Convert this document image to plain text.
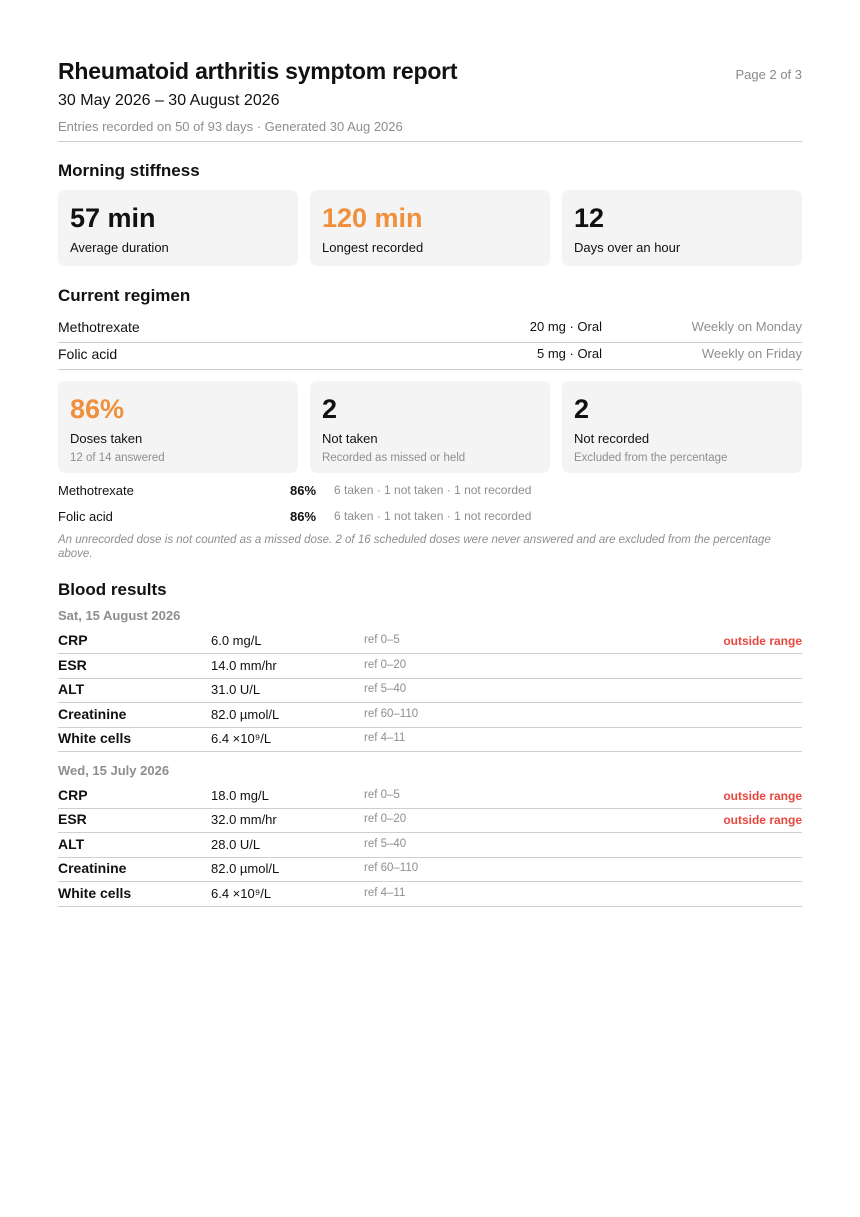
Rheumatoid arthritis symptom report	Page 2 of 3
30 May 2026 – 30 August 2026
Entries recorded on 50 of 93 days · Generated 30 Aug 2026
Morning stiffness
57 min
Average duration
120 min
Longest recorded
12
Days over an hour
Current regimen
Methotrexate	20 mg · Oral	Weekly on Monday
Folic acid	5 mg · Oral	Weekly on Friday
86%
Doses taken
12 of 14 answered
2
Not taken
Recorded as missed or held
2
Not recorded
Excluded from the percentage
Methotrexate	86% 6 taken · 1 not taken · 1 not recorded
Folic acid	86% 6 taken · 1 not taken · 1 not recorded
An unrecorded dose is not counted as a missed dose. 2 of 16 scheduled doses were never answered and are excluded from the percentage above.
Blood results
Sat, 15 August 2026
CRP	6.0 mg/L	ref 0–5	outside range
ESR	14.0 mm/hr	ref 0–20
ALT	31.0 U/L	ref 5–40
Creatinine	82.0 µmol/L	ref 60–110
White cells	6.4 ×10⁹/L	ref 4–11
Wed, 15 July 2026
CRP	18.0 mg/L	ref 0–5	outside range
ESR	32.0 mm/hr	ref 0–20	outside range
ALT	28.0 U/L	ref 5–40
Creatinine	82.0 µmol/L	ref 60–110
White cells	6.4 ×10⁹/L	ref 4–11
